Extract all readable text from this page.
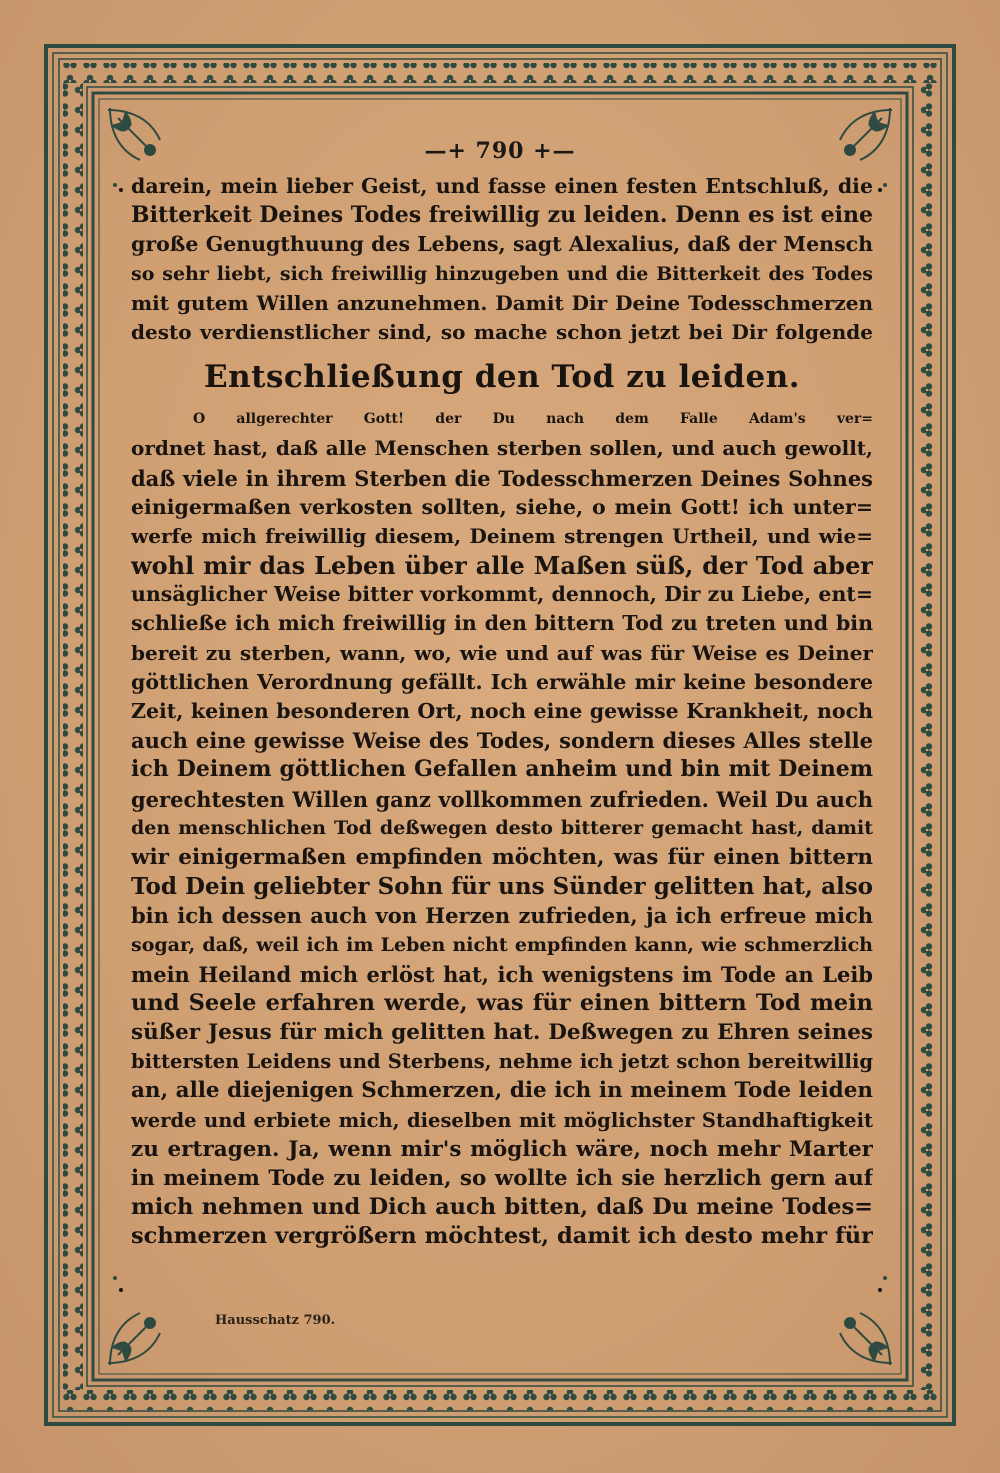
—+ 790 +—
darein, mein lieber Geist, und fasse einen festen Entschluß, die
Bitterkeit Deines Todes freiwillig zu leiden. Denn es ist eine
große Genugthuung des Lebens, sagt Alexalius, daß der Mensch
so sehr liebt, sich freiwillig hinzugeben und die Bitterkeit des Todes
mit gutem Willen anzunehmen. Damit Dir Deine Todesschmerzen
desto verdienstlicher sind, so mache schon jetzt bei Dir folgende
Entschließung den Tod zu leiden.
O allgerechter Gott! der Du nach dem Falle Adam's ver=
ordnet hast, daß alle Menschen sterben sollen, und auch gewollt,
daß viele in ihrem Sterben die Todesschmerzen Deines Sohnes
einigermaßen verkosten sollten, siehe, o mein Gott! ich unter=
werfe mich freiwillig diesem, Deinem strengen Urtheil, und wie=
wohl mir das Leben über alle Maßen süß, der Tod aber
unsäglicher Weise bitter vorkommt, dennoch, Dir zu Liebe, ent=
schließe ich mich freiwillig in den bittern Tod zu treten und bin
bereit zu sterben, wann, wo, wie und auf was für Weise es Deiner
göttlichen Verordnung gefällt. Ich erwähle mir keine besondere
Zeit, keinen besonderen Ort, noch eine gewisse Krankheit, noch
auch eine gewisse Weise des Todes, sondern dieses Alles stelle
ich Deinem göttlichen Gefallen anheim und bin mit Deinem
gerechtesten Willen ganz vollkommen zufrieden. Weil Du auch
den menschlichen Tod deßwegen desto bitterer gemacht hast, damit
wir einigermaßen empfinden möchten, was für einen bittern
Tod Dein geliebter Sohn für uns Sünder gelitten hat, also
bin ich dessen auch von Herzen zufrieden, ja ich erfreue mich
sogar, daß, weil ich im Leben nicht empfinden kann, wie schmerzlich
mein Heiland mich erlöst hat, ich wenigstens im Tode an Leib
und Seele erfahren werde, was für einen bittern Tod mein
süßer Jesus für mich gelitten hat. Deßwegen zu Ehren seines
bittersten Leidens und Sterbens, nehme ich jetzt schon bereitwillig
an, alle diejenigen Schmerzen, die ich in meinem Tode leiden
werde und erbiete mich, dieselben mit möglichster Standhaftigkeit
zu ertragen. Ja, wenn mir's möglich wäre, noch mehr Marter
in meinem Tode zu leiden, so wollte ich sie herzlich gern auf
mich nehmen und Dich auch bitten, daß Du meine Todes=
schmerzen vergrößern möchtest, damit ich desto mehr für
Hausschatz 790.
